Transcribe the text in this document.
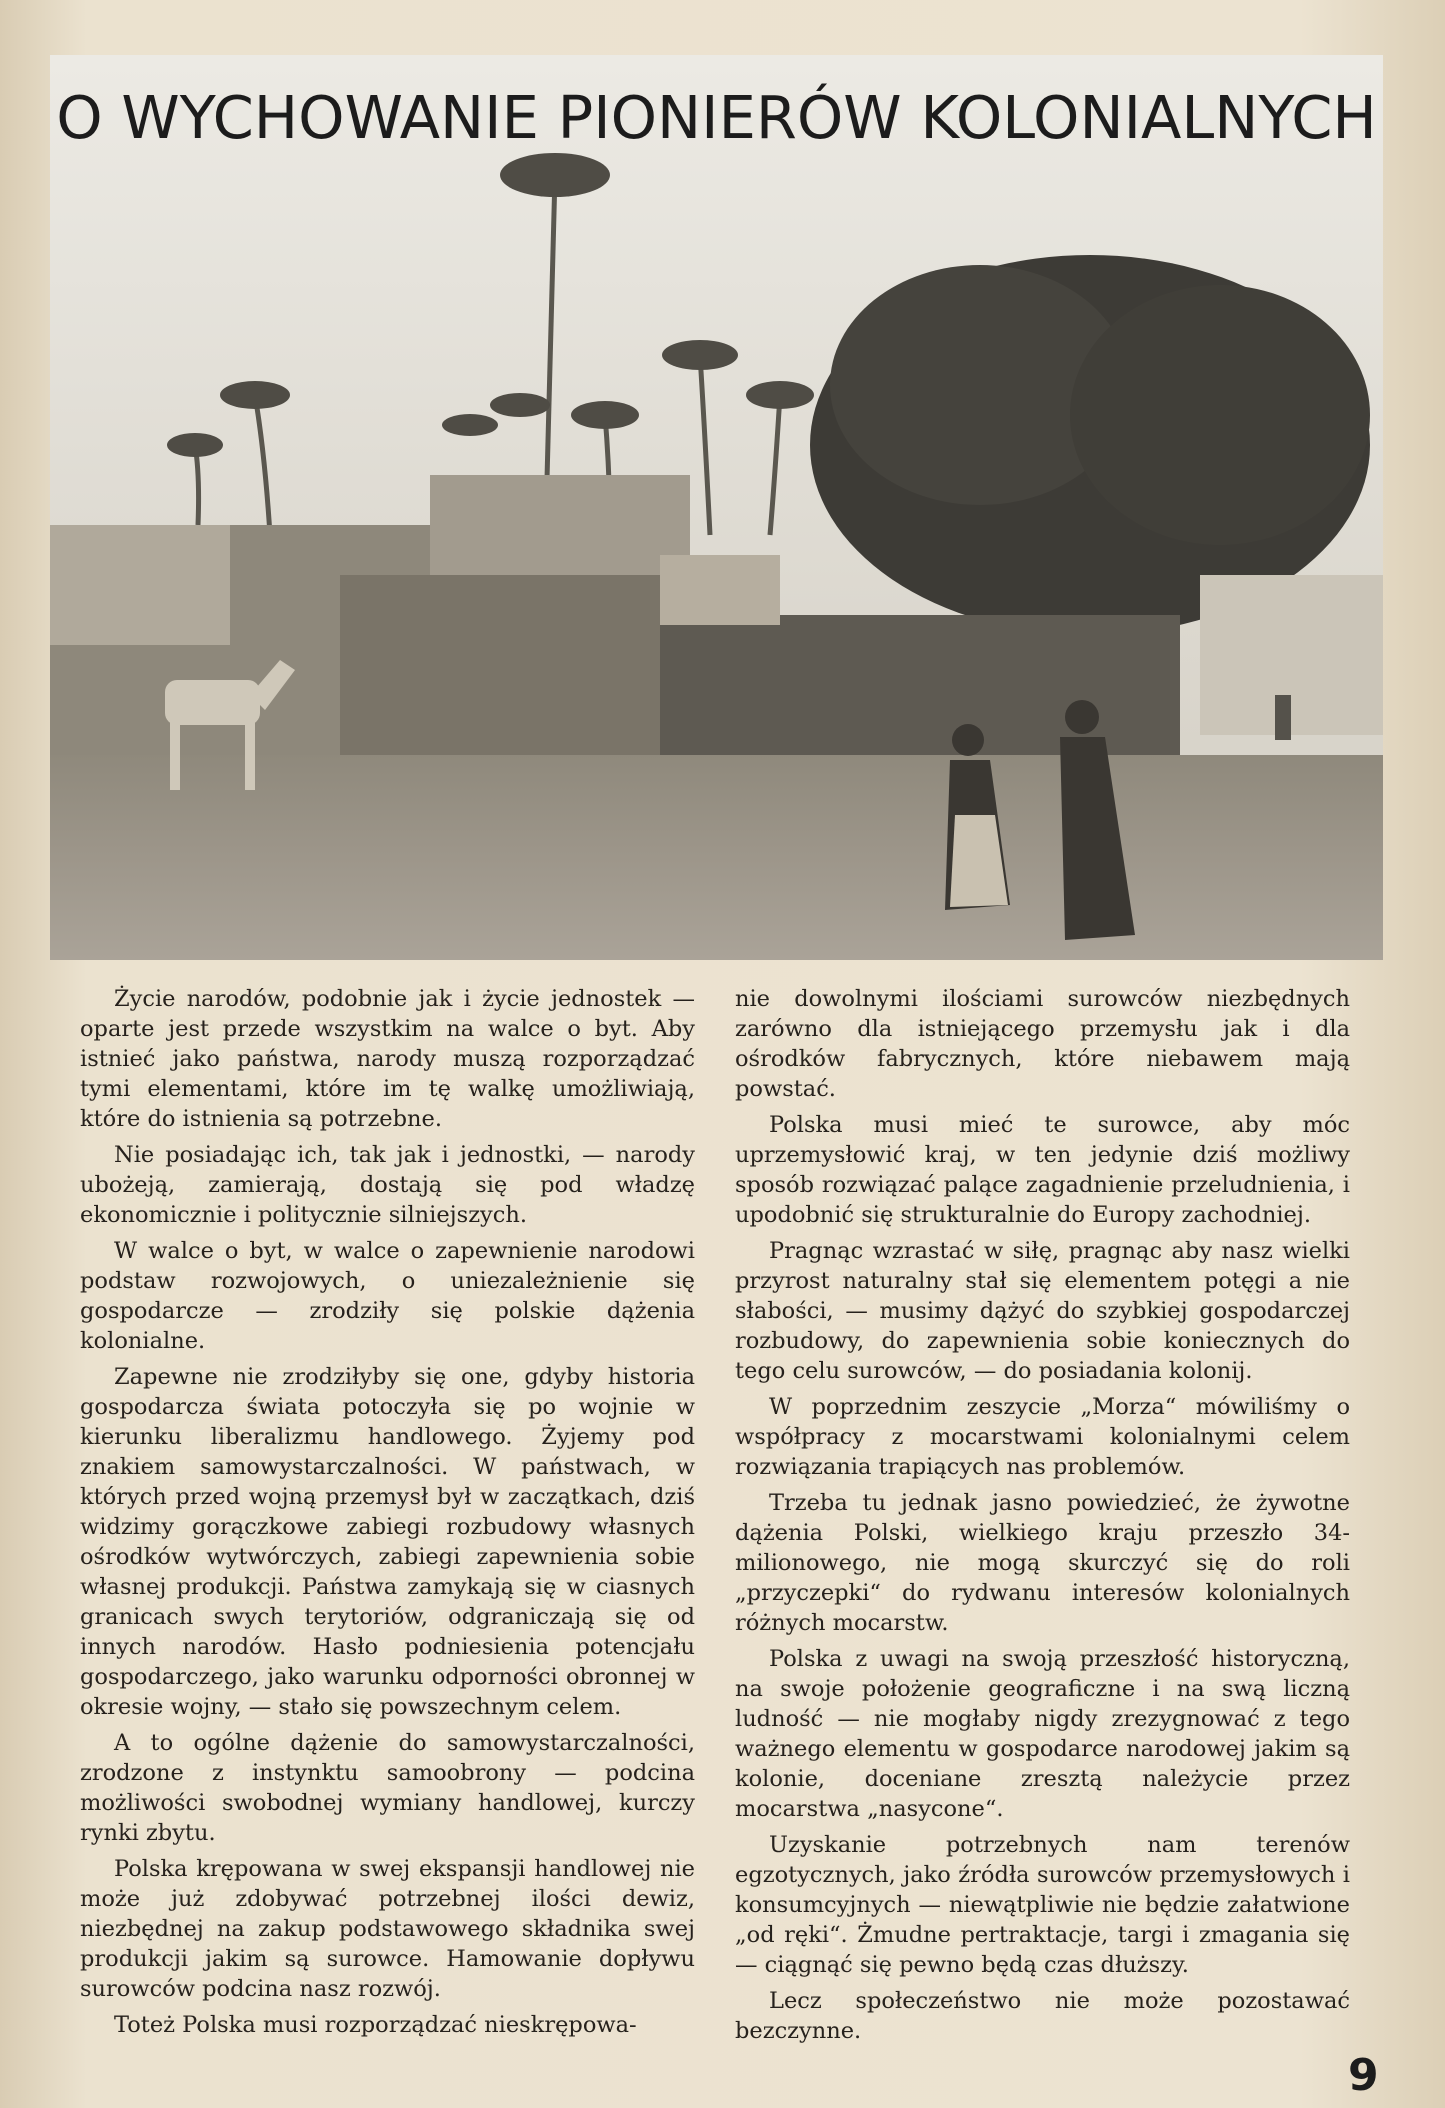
O WYCHOWANIE PIONIERÓW KOLONIALNYCH

Życie narodów, podobnie jak i życie jednostek — oparte jest przede wszystkim na walce o byt. Aby istnieć jako państwa, narody muszą rozporządzać tymi elementami, które im tę walkę umożliwiają, które do istnienia są potrzebne.

Nie posiadając ich, tak jak i jednostki, — narody ubożeją, zamierają, dostają się pod władzę ekonomicznie i politycznie silniejszych.

W walce o byt, w walce o zapewnienie narodowi podstaw rozwojowych, o uniezależnienie się gospodarcze — zrodziły się polskie dążenia kolonialne.

Zapewne nie zrodziłyby się one, gdyby historia gospodarcza świata potoczyła się po wojnie w kierunku liberalizmu handlowego. Żyjemy pod znakiem samowystarczalności. W państwach, w których przed wojną przemysł był w zaczątkach, dziś widzimy gorączkowe zabiegi rozbudowy własnych ośrodków wytwórczych, zabiegi zapewnienia sobie własnej produkcji. Państwa zamykają się w ciasnych granicach swych terytoriów, odgraniczają się od innych narodów. Hasło podniesienia potencjału gospodarczego, jako warunku odporności obronnej w okresie wojny, — stało się powszechnym celem.

A to ogólne dążenie do samowystarczalności, zrodzone z instynktu samoobrony — podcina możliwości swobodnej wymiany handlowej, kurczy rynki zbytu.

Polska krępowana w swej ekspansji handlowej nie może już zdobywać potrzebnej ilości dewiz, niezbędnej na zakup podstawowego składnika swej produkcji jakim są surowce. Hamowanie dopływu surowców podcina nasz rozwój.

Toteż Polska musi rozporządzać nieskrępowa-

nie dowolnymi ilościami surowców niezbędnych zarówno dla istniejącego przemysłu jak i dla ośrodków fabrycznych, które niebawem mają powstać.

Polska musi mieć te surowce, aby móc uprzemysłowić kraj, w ten jedynie dziś możliwy sposób rozwiązać palące zagadnienie przeludnienia, i upodobnić się strukturalnie do Europy zachodniej.

Pragnąc wzrastać w siłę, pragnąc aby nasz wielki przyrost naturalny stał się elementem potęgi a nie słabości, — musimy dążyć do szybkiej gospodarczej rozbudowy, do zapewnienia sobie koniecznych do tego celu surowców, — do posiadania kolonij.

W poprzednim zeszycie „Morza“ mówiliśmy o współpracy z mocarstwami kolonialnymi celem rozwiązania trapiących nas problemów.

Trzeba tu jednak jasno powiedzieć, że żywotne dążenia Polski, wielkiego kraju przeszło 34-milionowego, nie mogą skurczyć się do roli „przyczepki“ do rydwanu interesów kolonialnych różnych mocarstw.

Polska z uwagi na swoją przeszłość historyczną, na swoje położenie geograficzne i na swą liczną ludność — nie mogłaby nigdy zrezygnować z tego ważnego elementu w gospodarce narodowej jakim są kolonie, doceniane zresztą należycie przez mocarstwa „nasycone“.

Uzyskanie potrzebnych nam terenów egzotycznych, jako źródła surowców przemysłowych i konsumcyjnych — niewątpliwie nie będzie załatwione „od ręki“. Żmudne pertraktacje, targi i zmagania się — ciągnąć się pewno będą czas dłuższy.

Lecz społeczeństwo nie może pozostawać bezczynne.

9
